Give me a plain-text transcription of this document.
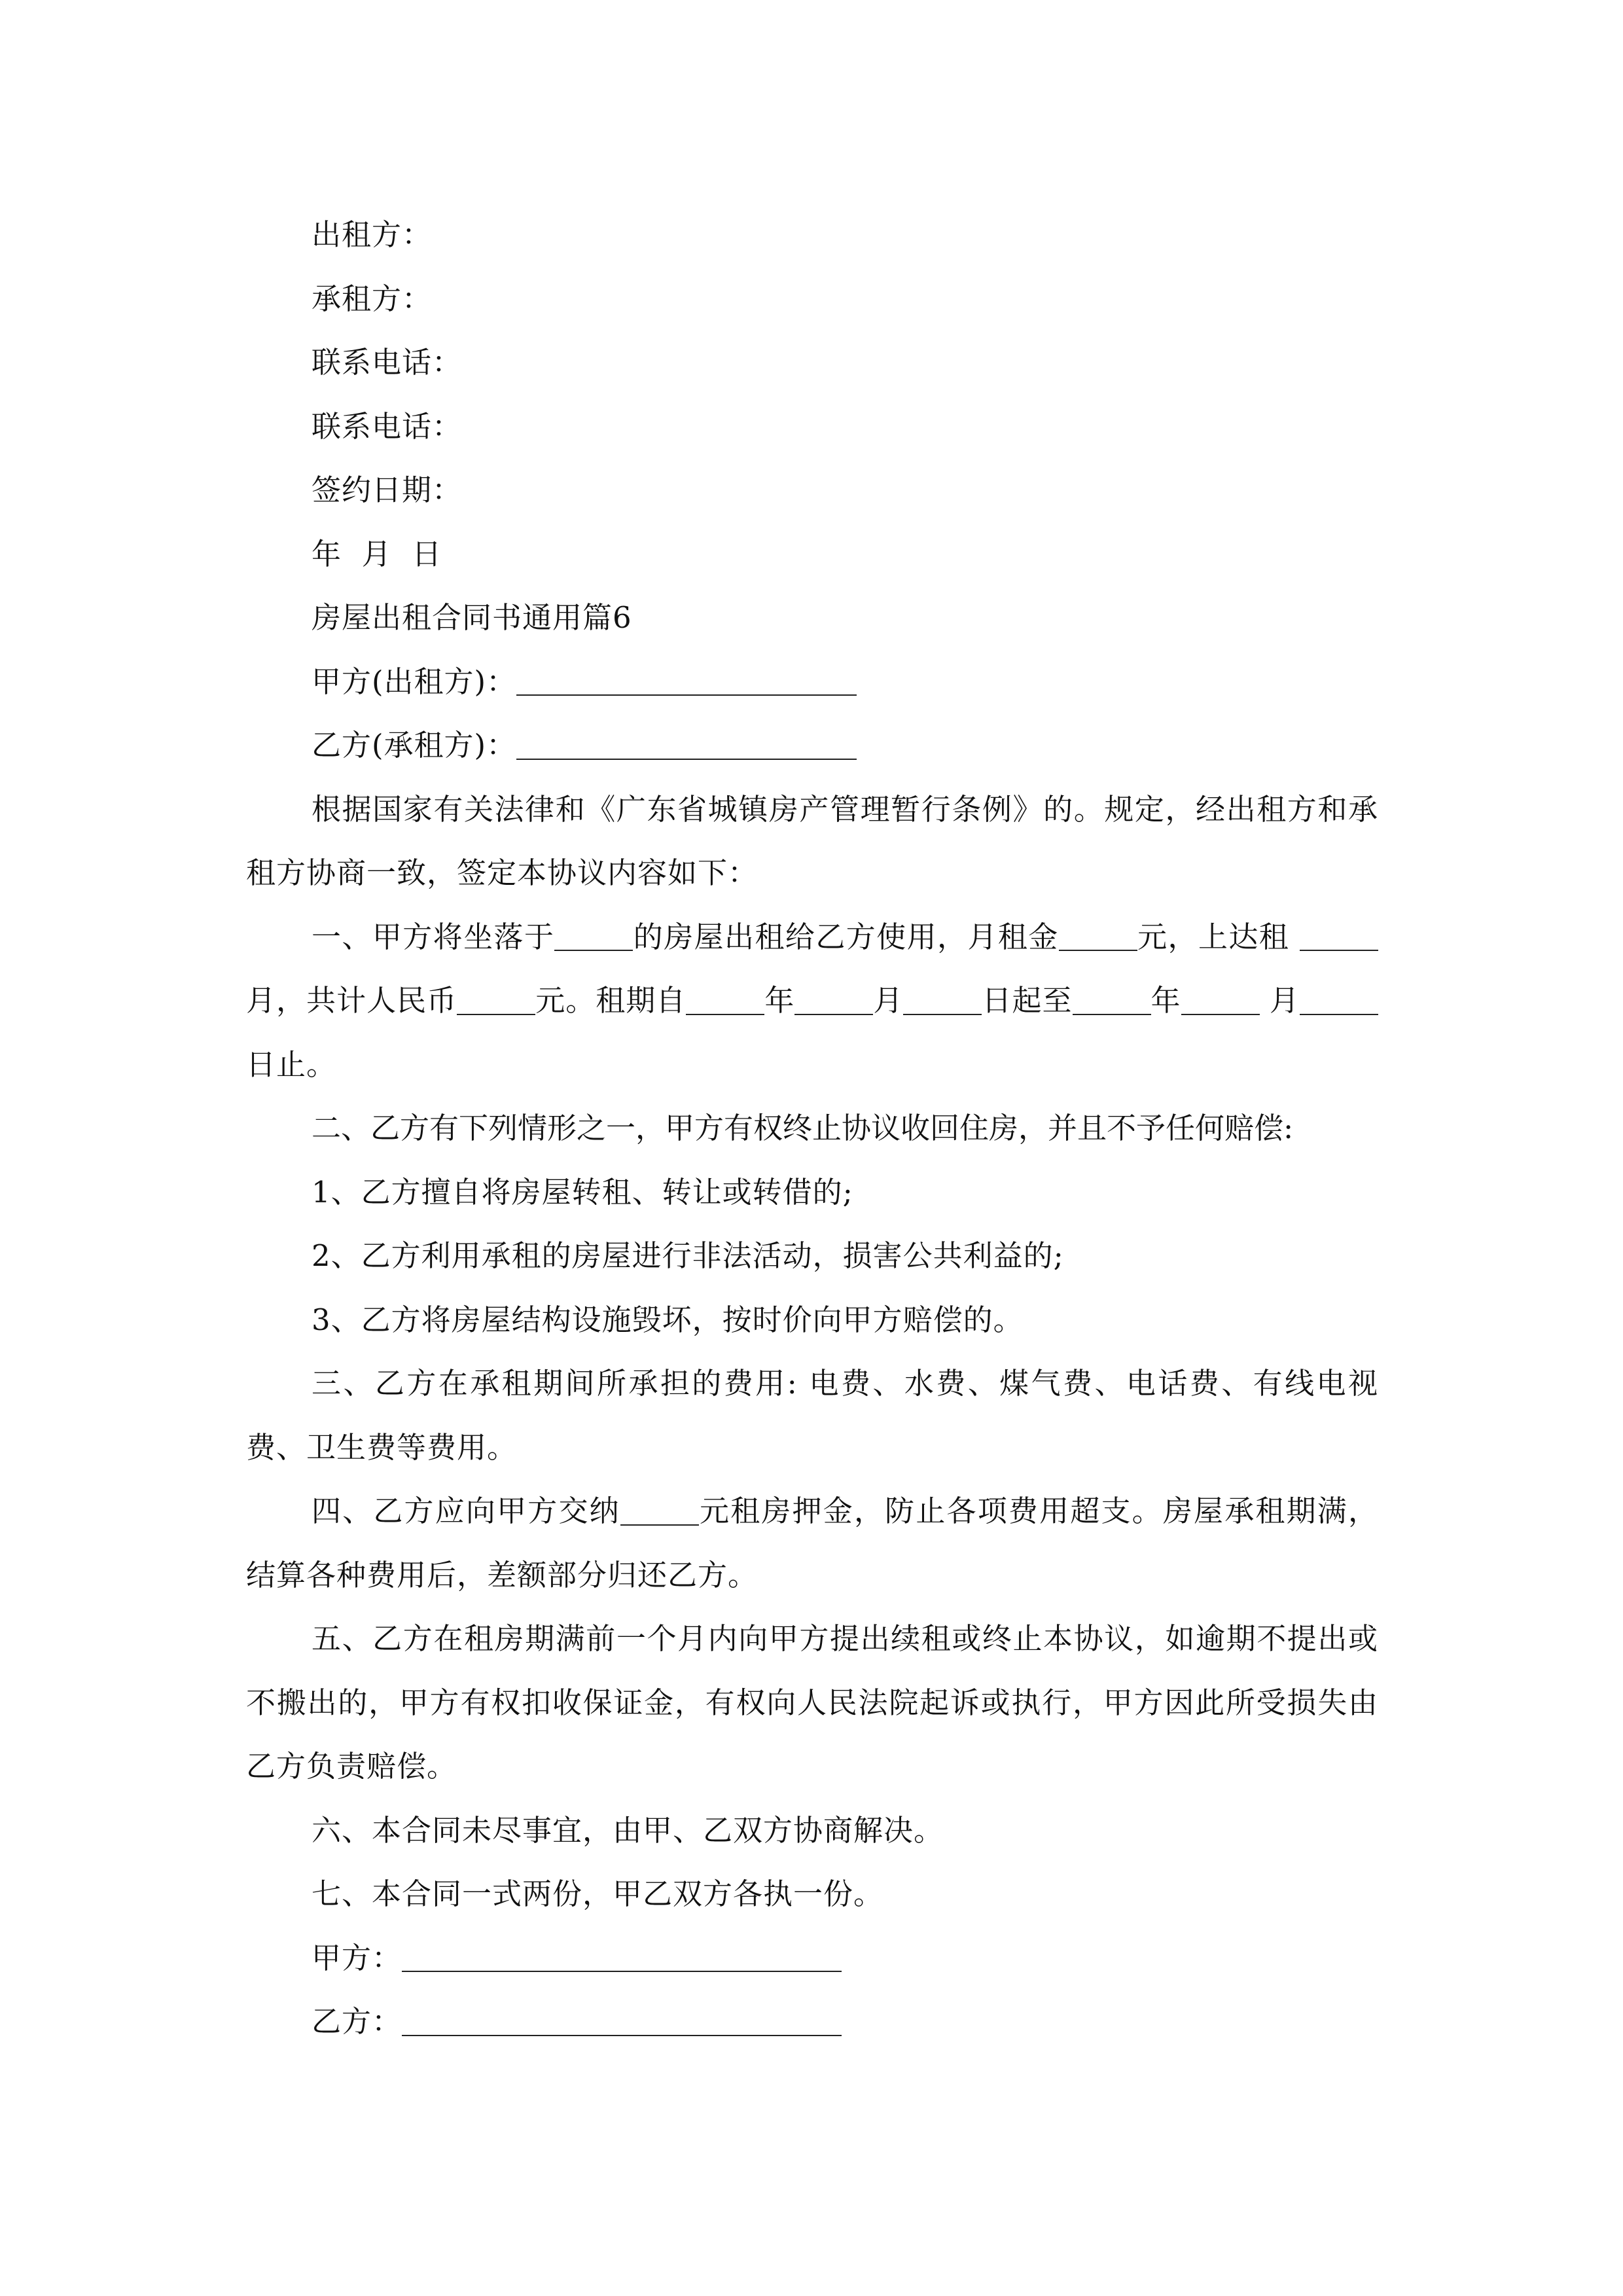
出租方：

承租方：

联系电话：

联系电话：

签约日期：

年  月  日

房屋出租合同书通用篇6

甲方(出租方)：

乙方(承租方)：

根据国家有关法律和《广东省城镇房产管理暂行条例》的。规定，经出租方和承租方协商一致，签定本协议内容如下：

一、甲方将坐落于	的房屋出租给乙方使用，月租金	元，上达租 月，共计人民币	元。租期自	年	月	日起至	年	月日止。

二、乙方有下列情形之一，甲方有权终止协议收回住房，并且不予任何赔偿:

1、乙方擅自将房屋转租、转让或转借的;

2、乙方利用承租的房屋进行非法活动，损害公共利益的;

3、乙方将房屋结构设施毁坏，按时价向甲方赔偿的。

三、乙方在承租期间所承担的费用: 电费、水费、煤气费、电话费、有线电视费、卫生费等费用。

四、乙方应向甲方交纳	元租房押金，防止各项费用超支。房屋承租期满，结算各种费用后，差额部分归还乙方。

五、乙方在租房期满前一个月内向甲方提出续租或终止本协议，如逾期不提出或不搬出的，甲方有权扣收保证金，有权向人民法院起诉或执行，甲方因此所受损失由乙方负责赔偿。

六、本合同未尽事宜，由甲、乙双方协商解决。

七、本合同一式两份，甲乙双方各执一份。

甲方：

乙方：
